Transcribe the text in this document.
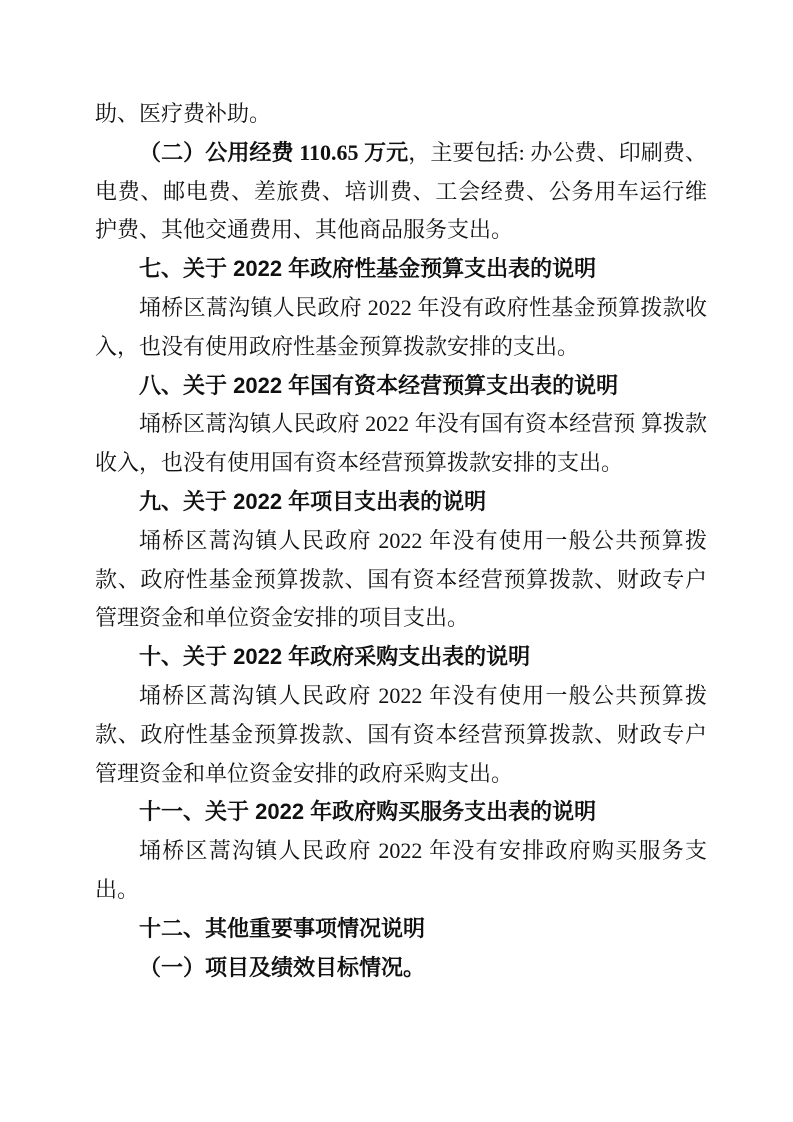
助、医疗费补助。

（二）公用经费 110.65 万元，主要包括: 办公费、印刷费、电费、邮电费、差旅费、培训费、工会经费、公务用车运行维护费、其他交通费用、其他商品服务支出。

七、关于 2022 年政府性基金预算支出表的说明

埇桥区蒿沟镇人民政府 2022 年没有政府性基金预算拨款收入，也没有使用政府性基金预算拨款安排的支出。

八、关于 2022 年国有资本经营预算支出表的说明

埇桥区蒿沟镇人民政府 2022 年没有国有资本经营预 算拨款收入，也没有使用国有资本经营预算拨款安排的支出。

九、关于 2022 年项目支出表的说明

埇桥区蒿沟镇人民政府 2022 年没有使用一般公共预算拨款、政府性基金预算拨款、国有资本经营预算拨款、财政专户管理资金和单位资金安排的项目支出。

十、关于 2022 年政府采购支出表的说明

埇桥区蒿沟镇人民政府 2022 年没有使用一般公共预算拨款、政府性基金预算拨款、国有资本经营预算拨款、财政专户管理资金和单位资金安排的政府采购支出。

十一、关于 2022 年政府购买服务支出表的说明

埇桥区蒿沟镇人民政府 2022 年没有安排政府购买服务支出。

十二、其他重要事项情况说明

（一）项目及绩效目标情况。
